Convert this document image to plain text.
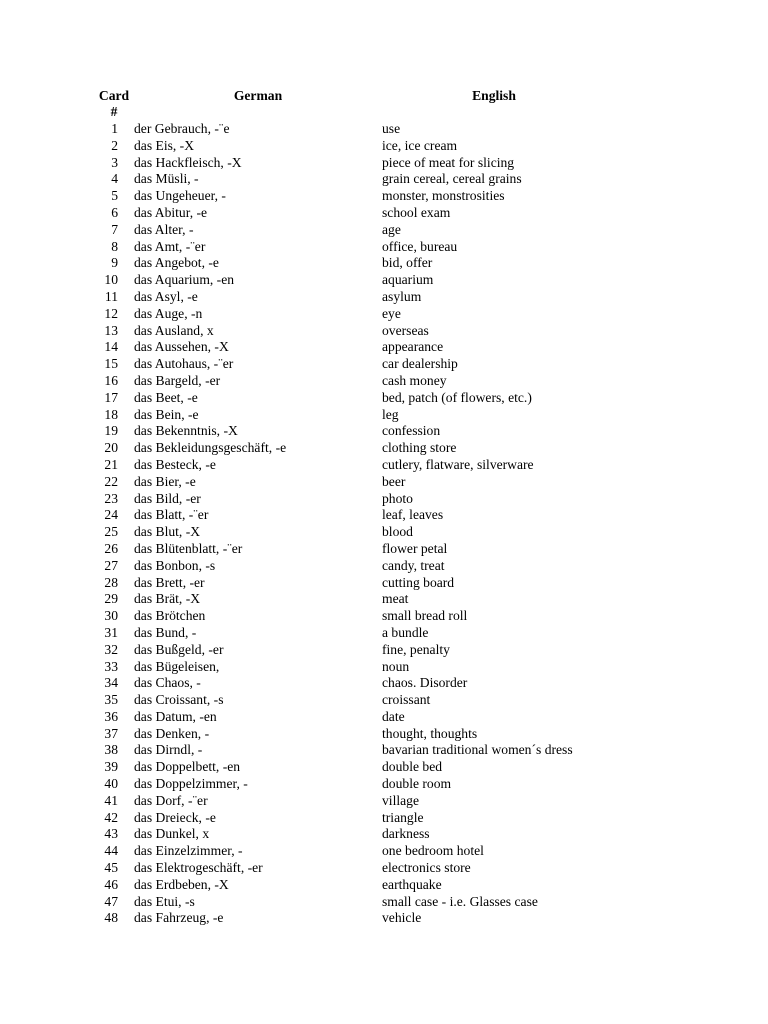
Card
#
German	English
1 der Gebrauch, -¨e	use
2 das Eis, -X	ice, ice cream
3 das Hackfleisch, -X	piece of meat for slicing
4 das Müsli, -	grain cereal, cereal grains
5 das Ungeheuer, -	monster, monstrosities
6 das Abitur, -e	school exam
7 das Alter, -	age
8 das Amt, -¨er	office, bureau
9 das Angebot, -e	bid, offer
10 das Aquarium, -en	aquarium
11 das Asyl, -e	asylum
12 das Auge, -n	eye
13 das Ausland, x	overseas
14 das Aussehen, -X	appearance
15 das Autohaus, -¨er	car dealership
16 das Bargeld, -er	cash money
17 das Beet, -e	bed, patch (of flowers, etc.)
18 das Bein, -e	leg
19 das Bekenntnis, -X	confession
20 das Bekleidungsgeschäft, -e	clothing store
21 das Besteck, -e	cutlery, flatware, silverware
22 das Bier, -e	beer
23 das Bild, -er	photo
24 das Blatt, -¨er	leaf, leaves
25 das Blut, -X	blood
26 das Blütenblatt, -¨er	flower petal
27 das Bonbon, -s	candy, treat
28 das Brett, -er	cutting board
29 das Brät, -X	meat
30 das Brötchen	small bread roll
31 das Bund, -	a bundle
32 das Bußgeld, -er	fine, penalty
33 das Bügeleisen,	noun
34 das Chaos, -	chaos. Disorder
35 das Croissant, -s	croissant
36 das Datum, -en	date
37 das Denken, -	thought, thoughts
38 das Dirndl, -	bavarian traditional women´s dress
39 das Doppelbett, -en	double bed
40 das Doppelzimmer, -	double room
41 das Dorf, -¨er	village
42 das Dreieck, -e	triangle
43 das Dunkel, x	darkness
44 das Einzelzimmer, -	one bedroom hotel
45 das Elektrogeschäft, -er	electronics store
46 das Erdbeben, -X	earthquake
47 das Etui, -s	small case - i.e. Glasses case
48 das Fahrzeug, -e	vehicle
